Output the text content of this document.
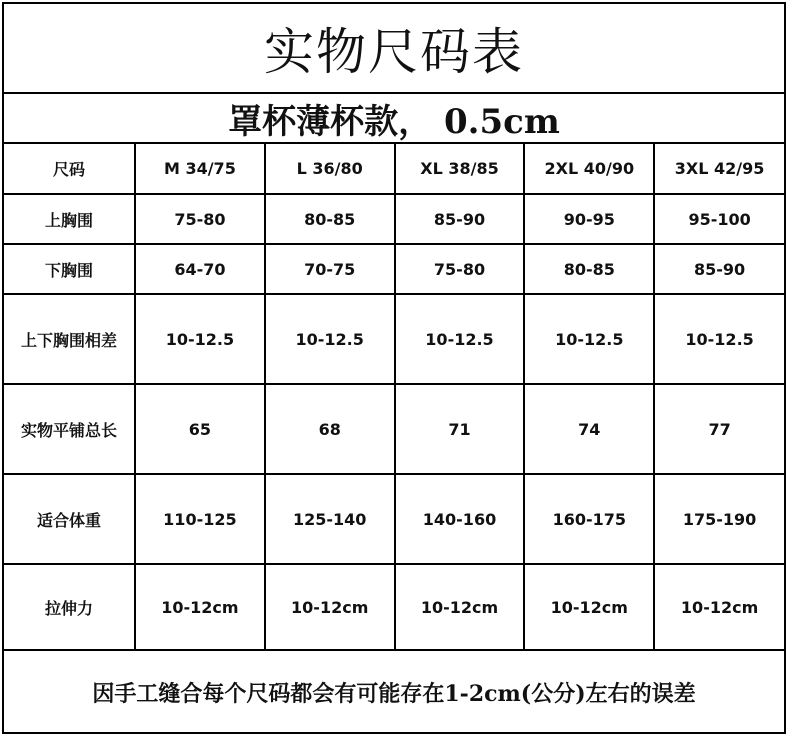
实物尺码表
罩杯薄杯款， 0.5cm
尺码	M 34/75	L 36/80	XL 38/85	2XL 40/90	3XL 42/95
上胸围	75-80	80-85	85-90	90-95	95-100
下胸围	64-70	70-75	75-80	80-85	85-90
上下胸围相差	10-12.5	10-12.5	10-12.5	10-12.5	10-12.5
实物平铺总长	65	68	71	74	77
适合体重	110-125	125-140	140-160	160-175	175-190
拉伸力	10-12cm	10-12cm	10-12cm	10-12cm	10-12cm
因手工缝合每个尺码都会有可能存在1-2cm(公分)左右的误差
